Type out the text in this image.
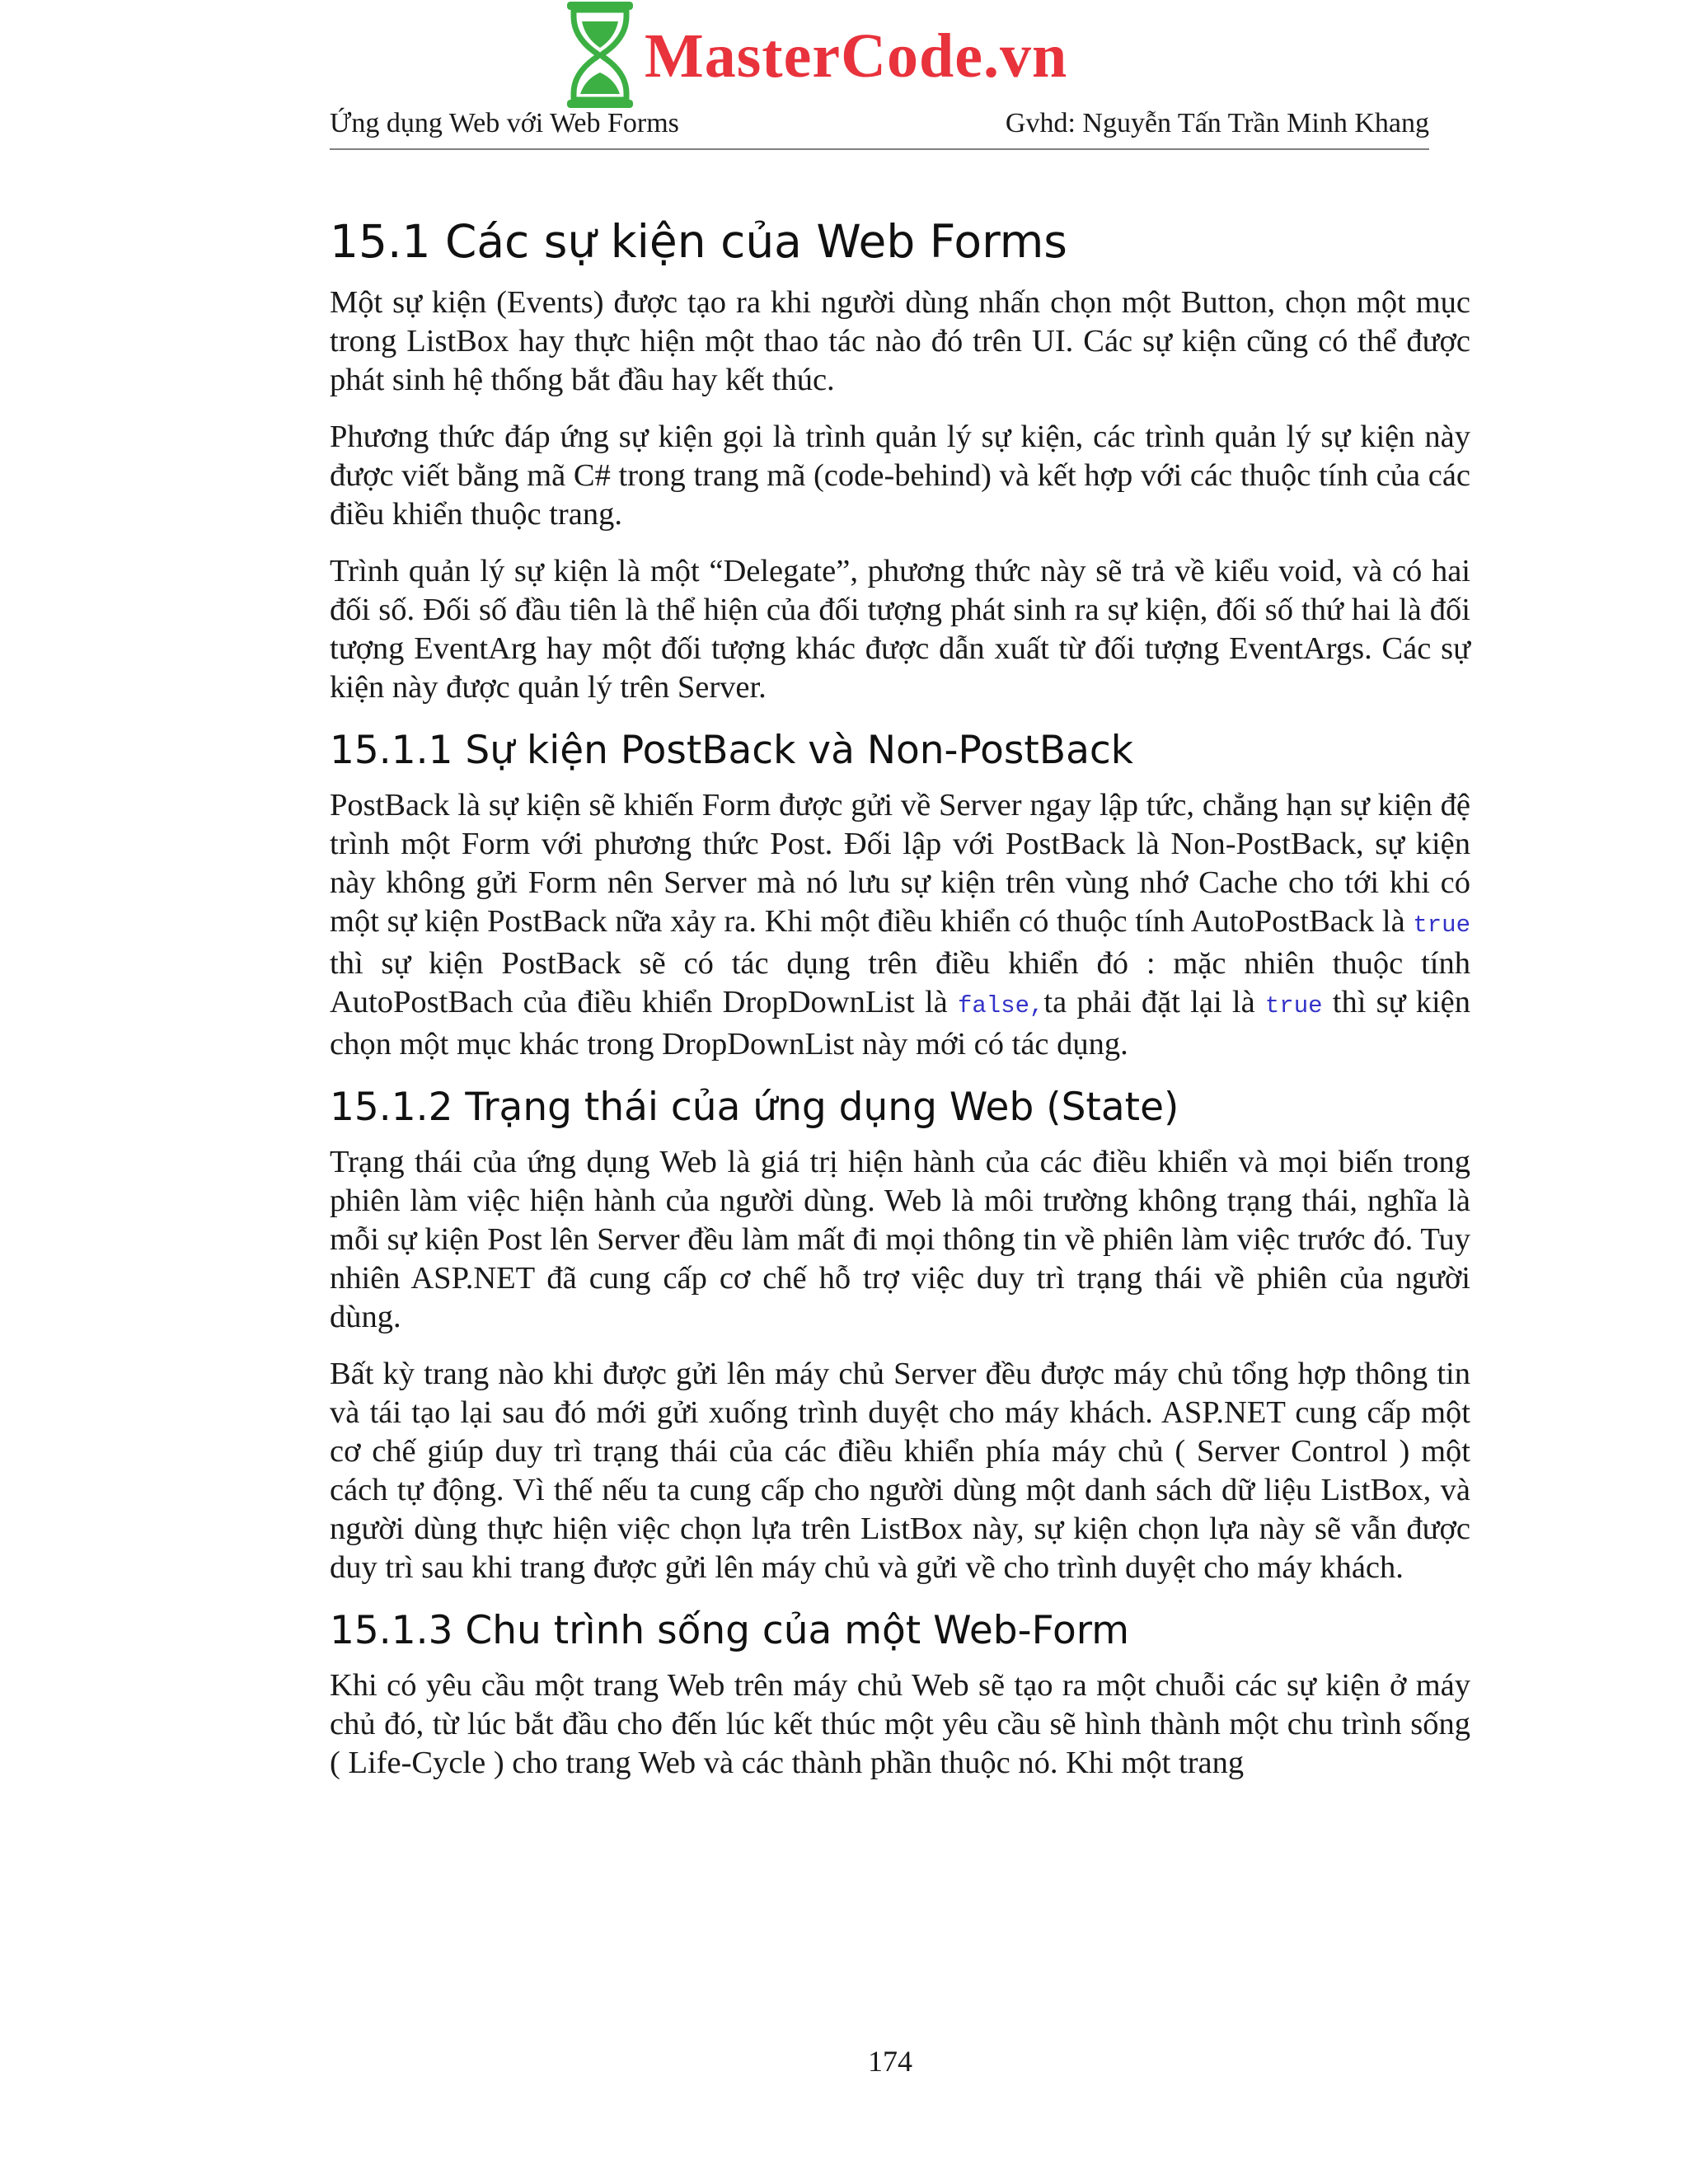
MasterCode.vn
Ứng dụng Web với Web Forms	Gvhd: Nguyễn Tấn Trần Minh Khang
15.1 Các sự kiện của Web Forms

Một sự kiện (Events) được tạo ra khi người dùng nhấn chọn một Button, chọn một mục trong ListBox hay thực hiện một thao tác nào đó trên UI. Các sự kiện cũng có thể được phát sinh hệ thống bắt đầu hay kết thúc.

Phương thức đáp ứng sự kiện gọi là trình quản lý sự kiện, các trình quản lý sự kiện này được viết bằng mã C# trong trang mã (code-behind) và kết hợp với các thuộc tính của các điều khiển thuộc trang.

Trình quản lý sự kiện là một “Delegate”, phương thức này sẽ trả về kiểu void, và có hai đối số. Đối số đầu tiên là thể hiện của đối tượng phát sinh ra sự kiện, đối số thứ hai là đối tượng EventArg hay một đối tượng khác được dẫn xuất từ đối tượng EventArgs. Các sự kiện này được quản lý trên Server.

15.1.1 Sự kiện PostBack và Non-PostBack

PostBack là sự kiện sẽ khiến Form được gửi về Server ngay lập tức, chẳng hạn sự kiện đệ trình một Form với phương thức Post. Đối lập với PostBack là Non-PostBack, sự kiện này không gửi Form nên Server mà nó lưu sự kiện trên vùng nhớ Cache cho tới khi có một sự kiện PostBack nữa xảy ra. Khi một điều khiển có thuộc tính AutoPostBack là true thì sự kiện PostBack sẽ có tác dụng trên điều khiển đó : mặc nhiên thuộc tính AutoPostBach của điều khiển DropDownList là false,ta phải đặt lại là true thì sự kiện chọn một mục khác trong DropDownList này mới có tác dụng.

15.1.2 Trạng thái của ứng dụng Web (State)

Trạng thái của ứng dụng Web là giá trị hiện hành của các điều khiển và mọi biến trong phiên làm việc hiện hành của người dùng. Web là môi trường không trạng thái, nghĩa là mỗi sự kiện Post lên Server đều làm mất đi mọi thông tin về phiên làm việc trước đó. Tuy nhiên ASP.NET đã cung cấp cơ chế hỗ trợ việc duy trì trạng thái về phiên của người dùng.

Bất kỳ trang nào khi được gửi lên máy chủ Server đều được máy chủ tổng hợp thông tin và tái tạo lại sau đó mới gửi xuống trình duyệt cho máy khách. ASP.NET cung cấp một cơ chế giúp duy trì trạng thái của các điều khiển phía máy chủ ( Server Control ) một cách tự động. Vì thế nếu ta cung cấp cho người dùng một danh sách dữ liệu ListBox, và người dùng thực hiện việc chọn lựa trên ListBox này, sự kiện chọn lựa này sẽ vẫn được duy trì sau khi trang được gửi lên máy chủ và gửi về cho trình duyệt cho máy khách.

15.1.3 Chu trình sống của một Web-Form

Khi có yêu cầu một trang Web trên máy chủ Web sẽ tạo ra một chuỗi các sự kiện ở máy chủ đó, từ lúc bắt đầu cho đến lúc kết thúc một yêu cầu sẽ hình thành một chu trình sống ( Life-Cycle ) cho trang Web và các thành phần thuộc nó. Khi một trang

174
